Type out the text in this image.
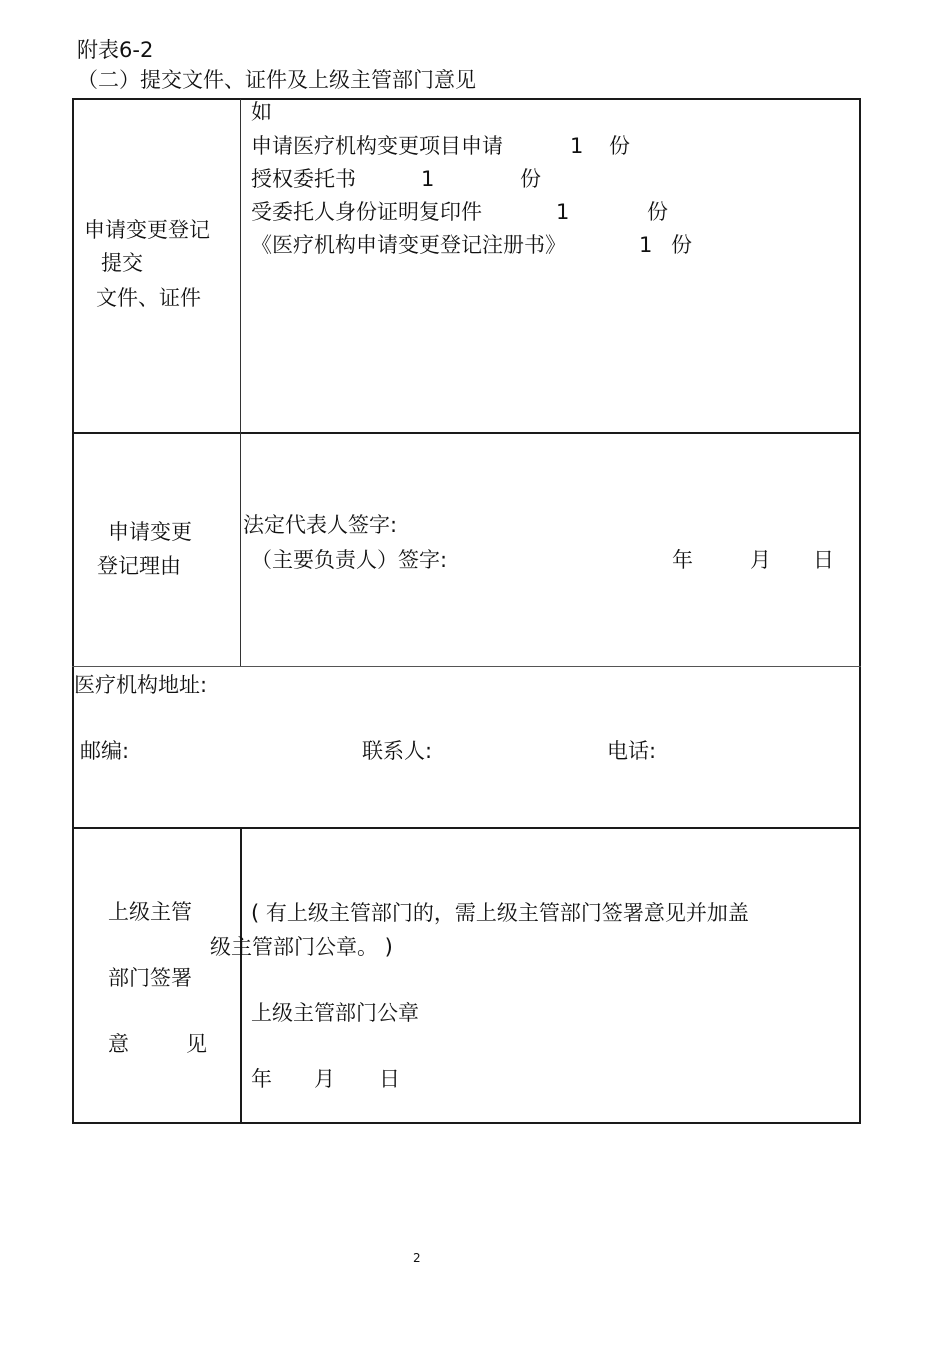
附表6-2
（二）提交文件、证件及上级主管部门意见
申请变更登记
提交
文件、证件
如
申请医疗机构变更项目申请	1 份
授权委托书	1	份
受委托人身份证明复印件	1	份
《医疗机构申请变更登记注册书》	1 份
申请变更
登记理由
法定代表人签字:
（主要负责人）签字:	年	月 日
医疗机构地址:
邮编:	联系人:	电话:
上级主管
部门签署
意	见
( 有上级主管部门的，需上级主管部门签署意见并加盖
级主管部门公章。 )
上级主管部门公章
年 月 日
2
